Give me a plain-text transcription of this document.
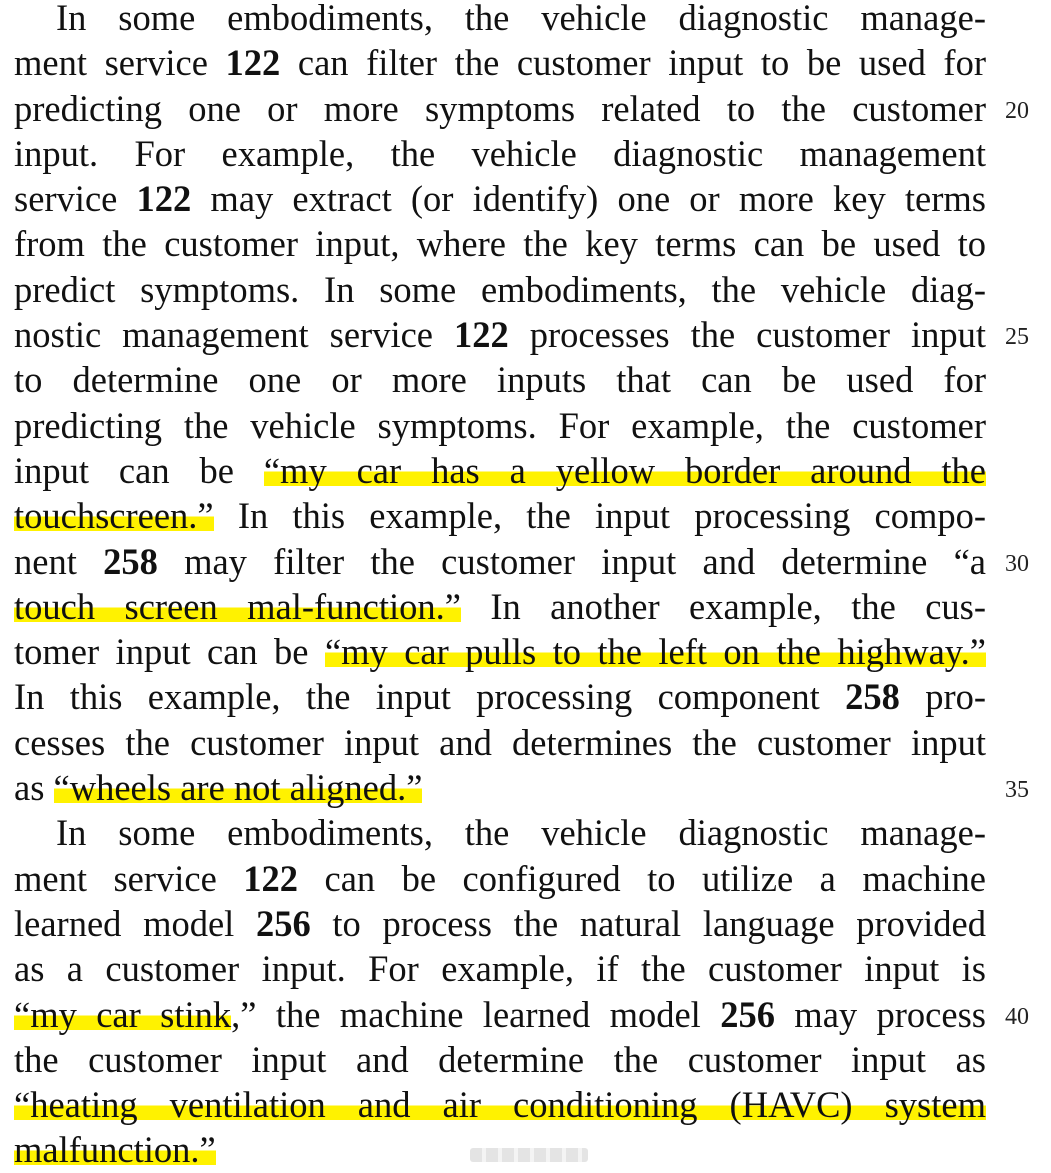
In some embodiments, the vehicle diagnostic manage-
ment service 122 can filter the customer input to be used for
predicting one or more symptoms related to the customer
input. For example, the vehicle diagnostic management
service 122 may extract (or identify) one or more key terms
from the customer input, where the key terms can be used to
predict symptoms. In some embodiments, the vehicle diag-
nostic management service 122 processes the customer input
to determine one or more inputs that can be used for
predicting the vehicle symptoms. For example, the customer
input can be “my car has a yellow border around the
touchscreen.” In this example, the input processing compo-
nent 258 may filter the customer input and determine “a
touch screen mal-function.” In another example, the cus-
tomer input can be “my car pulls to the left on the highway.”
In this example, the input processing component 258 pro-
cesses the customer input and determines the customer input
as “wheels are not aligned.”
In some embodiments, the vehicle diagnostic manage-
ment service 122 can be configured to utilize a machine
learned model 256 to process the natural language provided
as a customer input. For example, if the customer input is
“my car stink,” the machine learned model 256 may process
the customer input and determine the customer input as
“heating ventilation and air conditioning (HAVC) system
malfunction.”
20
25
30
35
40
